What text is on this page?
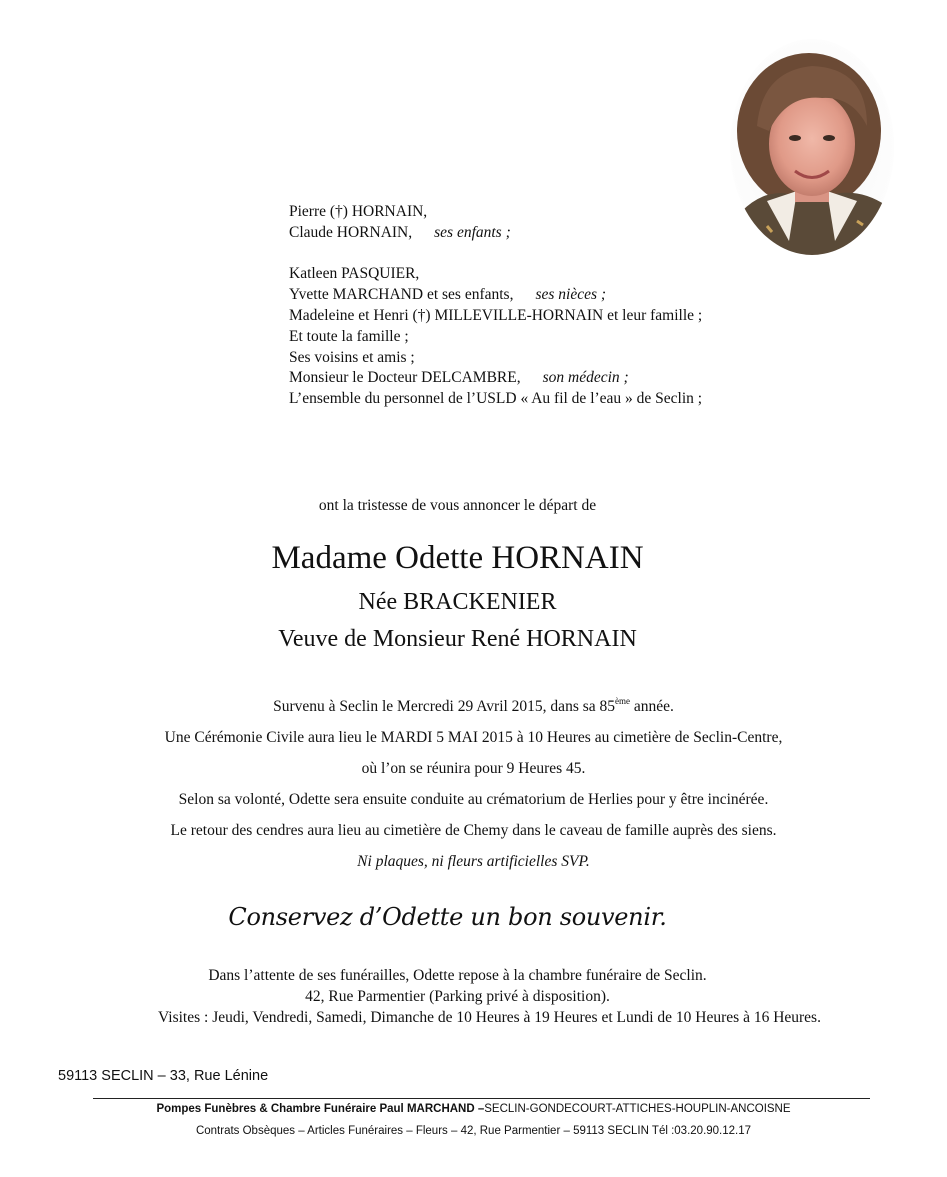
Pierre (†) HORNAIN,
Claude HORNAIN, ses enfants ;
Katleen PASQUIER,
Yvette MARCHAND et ses enfants, ses nièces ;
Madeleine et Henri (†) MILLEVILLE-HORNAIN et leur famille ;
Et toute la famille ;
Ses voisins et amis ;
Monsieur le Docteur DELCAMBRE, son médecin ;
L’ensemble du personnel de l’USLD « Au fil de l’eau » de Seclin ;
ont la tristesse de vous annoncer le départ de
Madame Odette HORNAIN
Née BRACKENIER
Veuve de Monsieur René HORNAIN
Survenu à Seclin le Mercredi 29 Avril 2015, dans sa 85ème année.
Une Cérémonie Civile aura lieu le MARDI 5 MAI 2015 à 10 Heures au cimetière de Seclin-Centre,
où l’on se réunira pour 9 Heures 45.
Selon sa volonté, Odette sera ensuite conduite au crématorium de Herlies pour y être incinérée.
Le retour des cendres aura lieu au cimetière de Chemy dans le caveau de famille auprès des siens.
Ni plaques, ni fleurs artificielles SVP.
Conservez d’Odette un bon souvenir.
Dans l’attente de ses funérailles, Odette repose à la chambre funéraire de Seclin.
42, Rue Parmentier (Parking privé à disposition).
Visites : Jeudi, Vendredi, Samedi, Dimanche de 10 Heures à 19 Heures et Lundi de 10 Heures à 16 Heures.
59113 SECLIN – 33, Rue Lénine
Pompes Funèbres & Chambre Funéraire Paul MARCHAND –SECLIN-GONDECOURT-ATTICHES-HOUPLIN-ANCOISNE
Contrats Obsèques – Articles Funéraires – Fleurs – 42, Rue Parmentier – 59113 SECLIN Tél :03.20.90.12.17
